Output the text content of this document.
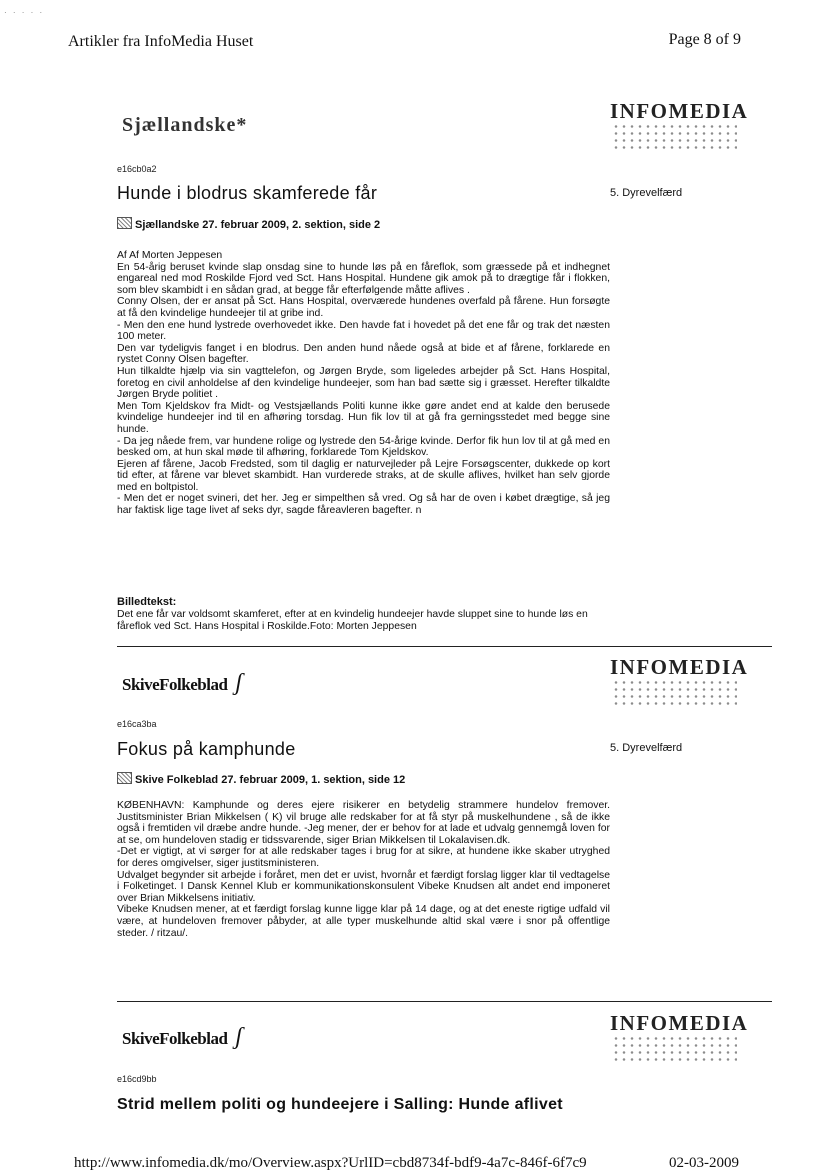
· · · · ·
Artikler fra InfoMedia Huset	Page 8 of 9
Sjællandske*
INFOMEDIA
e16cb0a2
Hunde i blodrus skamferede får	5. Dyrevelfærd
Sjællandske 27. februar 2009, 2. sektion, side 2

Af Af Morten Jeppesen

En 54-årig beruset kvinde slap onsdag sine to hunde løs på en fåreflok, som græssede på et indhegnet engareal ned mod Roskilde Fjord ved Sct. Hans Hospital. Hundene gik amok på to drægtige får i flokken, som blev skambidt i en sådan grad, at begge får efterfølgende måtte aflives .

Conny Olsen, der er ansat på Sct. Hans Hospital, overværede hundenes overfald på fårene. Hun forsøgte at få den kvindelige hundeejer til at gribe ind.

- Men den ene hund lystrede overhovedet ikke. Den havde fat i hovedet på det ene får og trak det næsten 100 meter.

Den var tydeligvis fanget i en blodrus. Den anden hund nåede også at bide et af fårene, forklarede en rystet Conny Olsen bagefter.

Hun tilkaldte hjælp via sin vagttelefon, og Jørgen Bryde, som ligeledes arbejder på Sct. Hans Hospital, foretog en civil anholdelse af den kvindelige hundeejer, som han bad sætte sig i græsset. Herefter tilkaldte Jørgen Bryde politiet .

Men Tom Kjeldskov fra Midt- og Vestsjællands Politi kunne ikke gøre andet end at kalde den berusede kvindelige hundeejer ind til en afhøring torsdag. Hun fik lov til at gå fra gerningsstedet med begge sine hunde.

- Da jeg nåede frem, var hundene rolige og lystrede den 54-årige kvinde. Derfor fik hun lov til at gå med en besked om, at hun skal møde til afhøring, forklarede Tom Kjeldskov.

Ejeren af fårene, Jacob Fredsted, som til daglig er naturvejleder på Lejre Forsøgscenter, dukkede op kort tid efter, at fårene var blevet skambidt. Han vurderede straks, at de skulle aflives, hvilket han selv gjorde med en boltpistol.

- Men det er noget svineri, det her. Jeg er simpelthen så vred. Og så har de oven i købet drægtige, så jeg har faktisk lige tage livet af seks dyr, sagde fåreavleren bagefter. n

Billedtekst:
Det ene får var voldsomt skamferet, efter at en kvindelig hundeejer havde sluppet sine to hunde løs en fåreflok ved Sct. Hans Hospital i Roskilde.Foto: Morten Jeppesen
SkiveFolkeblad ʃ
INFOMEDIA
e16ca3ba
Fokus på kamphunde	5. Dyrevelfærd
Skive Folkeblad 27. februar 2009, 1. sektion, side 12

KØBENHAVN: Kamphunde og deres ejere risikerer en betydelig strammere hundelov fremover. Justitsminister Brian Mikkelsen ( K) vil bruge alle redskaber for at få styr på muskelhundene , så de ikke også i fremtiden vil dræbe andre hunde. -Jeg mener, der er behov for at lade et udvalg gennemgå loven for at se, om hundeloven stadig er tidssvarende, siger Brian Mikkelsen til Lokalavisen.dk.

-Det er vigtigt, at vi sørger for at alle redskaber tages i brug for at sikre, at hundene ikke skaber utryghed for deres omgivelser, siger justitsministeren.

Udvalget begynder sit arbejde i foråret, men det er uvist, hvornår et færdigt forslag ligger klar til vedtagelse i Folketinget. I Dansk Kennel Klub er kommunikationskonsulent Vibeke Knudsen alt andet end imponeret over Brian Mikkelsens initiativ.

Vibeke Knudsen mener, at et færdigt forslag kunne ligge klar på 14 dage, og at det eneste rigtige udfald vil være, at hundeloven fremover påbyder, at alle typer muskelhunde altid skal være i snor på offentlige steder. / ritzau/.

SkiveFolkeblad ʃ
INFOMEDIA
e16cd9bb
Strid mellem politi og hundeejere i Salling: Hunde aflivet
http://www.infomedia.dk/mo/Overview.aspx?UrlID=cbd8734f-bdf9-4a7c-846f-6f7c9	02-03-2009
